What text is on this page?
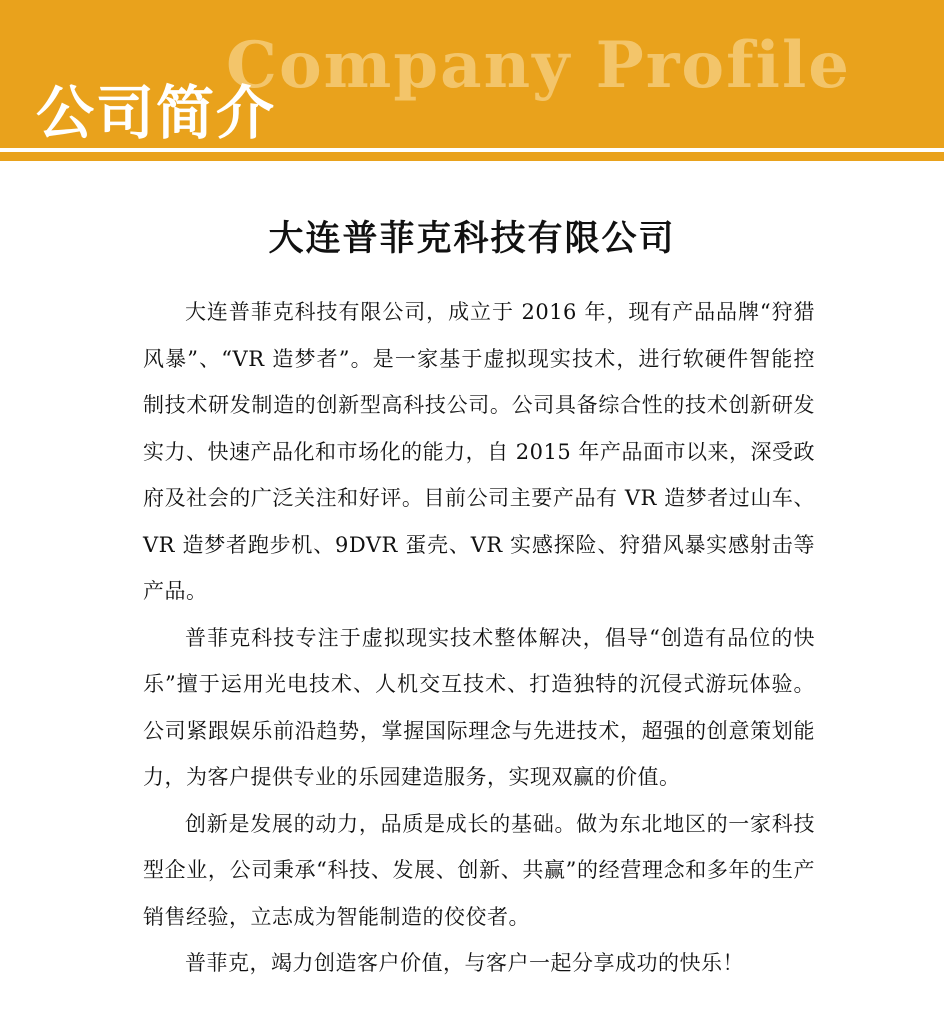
Company Profile
公司简介
大连普菲克科技有限公司

大连普菲克科技有限公司，成立于 2016 年，现有产品品牌“狩猎风暴”、“VR 造梦者”。是一家基于虚拟现实技术，进行软硬件智能控制技术研发制造的创新型高科技公司。公司具备综合性的技术创新研发实力、快速产品化和市场化的能力，自 2015 年产品面市以来，深受政府及社会的广泛关注和好评。目前公司主要产品有 VR 造梦者过山车、VR 造梦者跑步机、9DVR 蛋壳、VR 实感探险、狩猎风暴实感射击等产品。

普菲克科技专注于虚拟现实技术整体解决，倡导“创造有品位的快乐”擅于运用光电技术、人机交互技术、打造独特的沉侵式游玩体验。公司紧跟娱乐前沿趋势，掌握国际理念与先进技术，超强的创意策划能力，为客户提供专业的乐园建造服务，实现双赢的价值。

创新是发展的动力，品质是成长的基础。做为东北地区的一家科技型企业，公司秉承“科技、发展、创新、共赢”的经营理念和多年的生产销售经验，立志成为智能制造的佼佼者。

普菲克，竭力创造客户价值，与客户一起分享成功的快乐！
